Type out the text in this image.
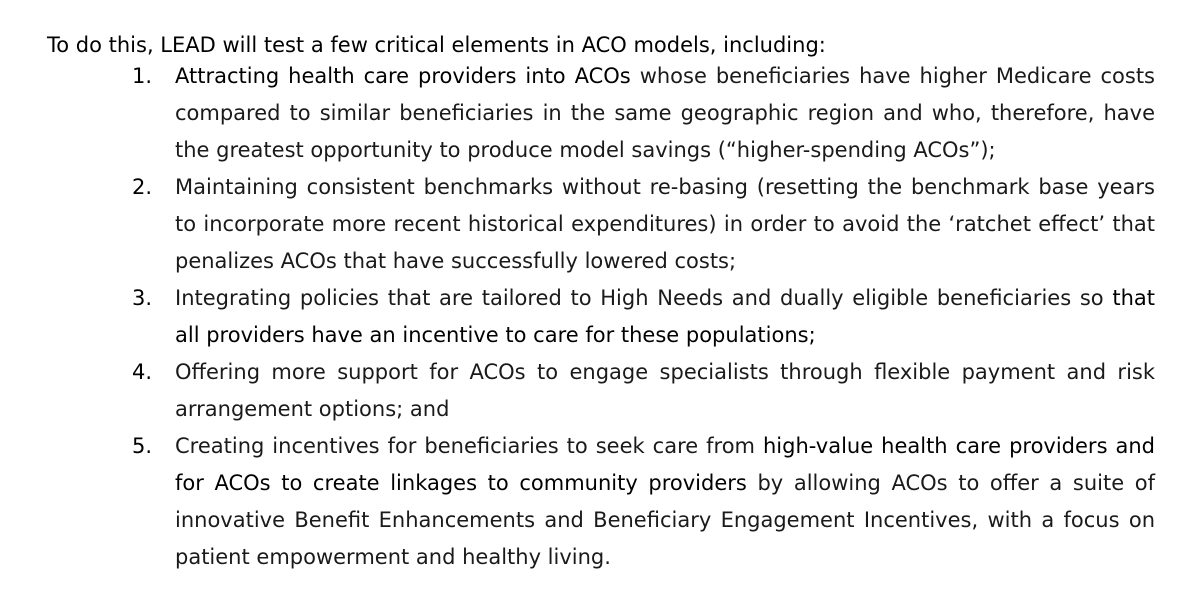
To do this, LEAD will test a few critical elements in ACO models, including:
1. Attracting health care providers into ACOs whose beneficiaries have higher Medicare costs compared to similar beneficiaries in the same geographic region and who, therefore, have the greatest opportunity to produce model savings (“higher-spending ACOs”);
2. Maintaining consistent benchmarks without re-basing (resetting the benchmark base years to incorporate more recent historical expenditures) in order to avoid the ‘ratchet effect’ that penalizes ACOs that have successfully lowered costs;
3. Integrating policies that are tailored to High Needs and dually eligible beneficiaries so that all providers have an incentive to care for these populations;
4. Offering more support for ACOs to engage specialists through flexible payment and risk arrangement options; and
5. Creating incentives for beneficiaries to seek care from high-value health care providers and for ACOs to create linkages to community providers by allowing ACOs to offer a suite of innovative Benefit Enhancements and Beneficiary Engagement Incentives, with a focus on patient empowerment and healthy living.
